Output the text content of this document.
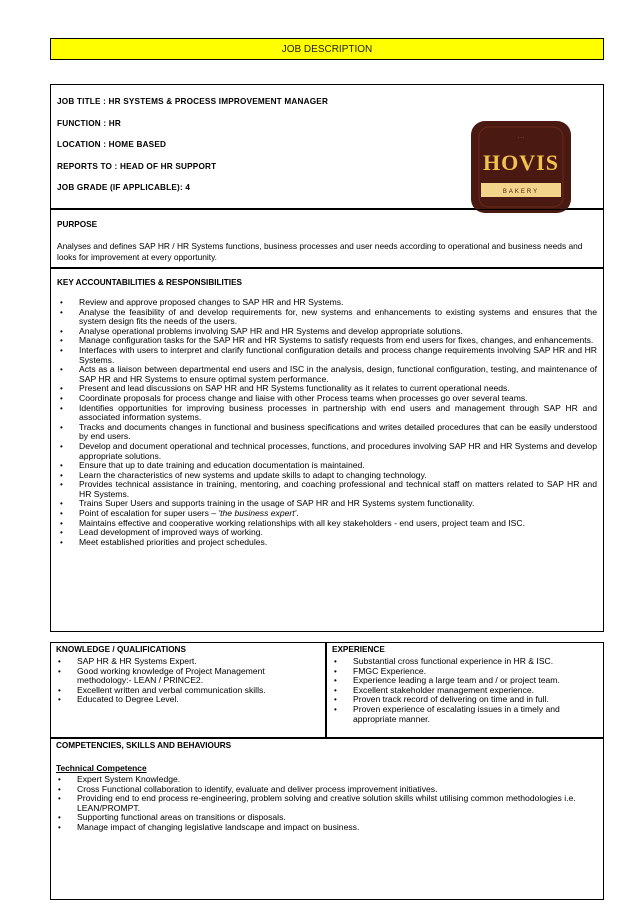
JOB DESCRIPTION
JOB TITLE : HR SYSTEMS & PROCESS IMPROVEMENT MANAGER
FUNCTION : HR
LOCATION : HOME BASED
REPORTS TO : HEAD OF HR SUPPORT
JOB GRADE (IF APPLICABLE): 4
· · ·
HOVIS
BAKERY
PURPOSE
Analyses and defines SAP HR / HR Systems functions, business processes and user needs according to operational and business needs and looks for improvement at every opportunity.
KEY ACCOUNTABILITIES & RESPONSIBILITIES
• Review and approve proposed changes to SAP HR and HR Systems.
• Analyse the feasibility of and develop requirements for, new systems and enhancements to existing systems and ensures that the system design fits the needs of the users.
• Analyse operational problems involving SAP HR and HR Systems and develop appropriate solutions.
• Manage configuration tasks for the SAP HR and HR Systems to satisfy requests from end users for fixes, changes, and enhancements.
• Interfaces with users to interpret and clarify functional configuration details and process change requirements involving SAP HR and HR Systems.
• Acts as a liaison between departmental end users and ISC in the analysis, design, functional configuration, testing, and maintenance of SAP HR and HR Systems to ensure optimal system performance.
• Present and lead discussions on SAP HR and HR Systems functionality as it relates to current operational needs.
• Coordinate proposals for process change and liaise with other Process teams when processes go over several teams.
• Identifies opportunities for improving business processes in partnership with end users and management through SAP HR and associated information systems.
• Tracks and documents changes in functional and business specifications and writes detailed procedures that can be easily understood by end users.
• Develop and document operational and technical processes, functions, and procedures involving SAP HR and HR Systems and develop appropriate solutions.
• Ensure that up to date training and education documentation is maintained.
• Learn the characteristics of new systems and update skills to adapt to changing technology.
• Provides technical assistance in training, mentoring, and coaching professional and technical staff on matters related to SAP HR and HR Systems.
• Trains Super Users and supports training in the usage of SAP HR and HR Systems system functionality.
• Point of escalation for super users – 'the business expert'.
• Maintains effective and cooperative working relationships with all key stakeholders - end users, project team and ISC.
• Lead development of improved ways of working.
• Meet established priorities and project schedules.
KNOWLEDGE / QUALIFICATIONS
• SAP HR & HR Systems Expert.
• Good working knowledge of Project Management methodology:- LEAN / PRINCE2.
• Excellent written and verbal communication skills.
• Educated to Degree Level.
EXPERIENCE
• Substantial cross functional experience in HR & ISC.
• FMGC Experience.
• Experience leading a large team and / or project team.
• Excellent stakeholder management experience.
• Proven track record of delivering on time and in full.
• Proven experience of escalating issues in a timely and appropriate manner.
COMPETENCIES, SKILLS AND BEHAVIOURS
Technical Competence
• Expert System Knowledge.
• Cross Functional collaboration to identify, evaluate and deliver process improvement initiatives.
• Providing end to end process re-engineering, problem solving and creative solution skills whilst utilising common methodologies i.e. LEAN/PROMPT.
• Supporting functional areas on transitions or disposals.
• Manage impact of changing legislative landscape and impact on business.
